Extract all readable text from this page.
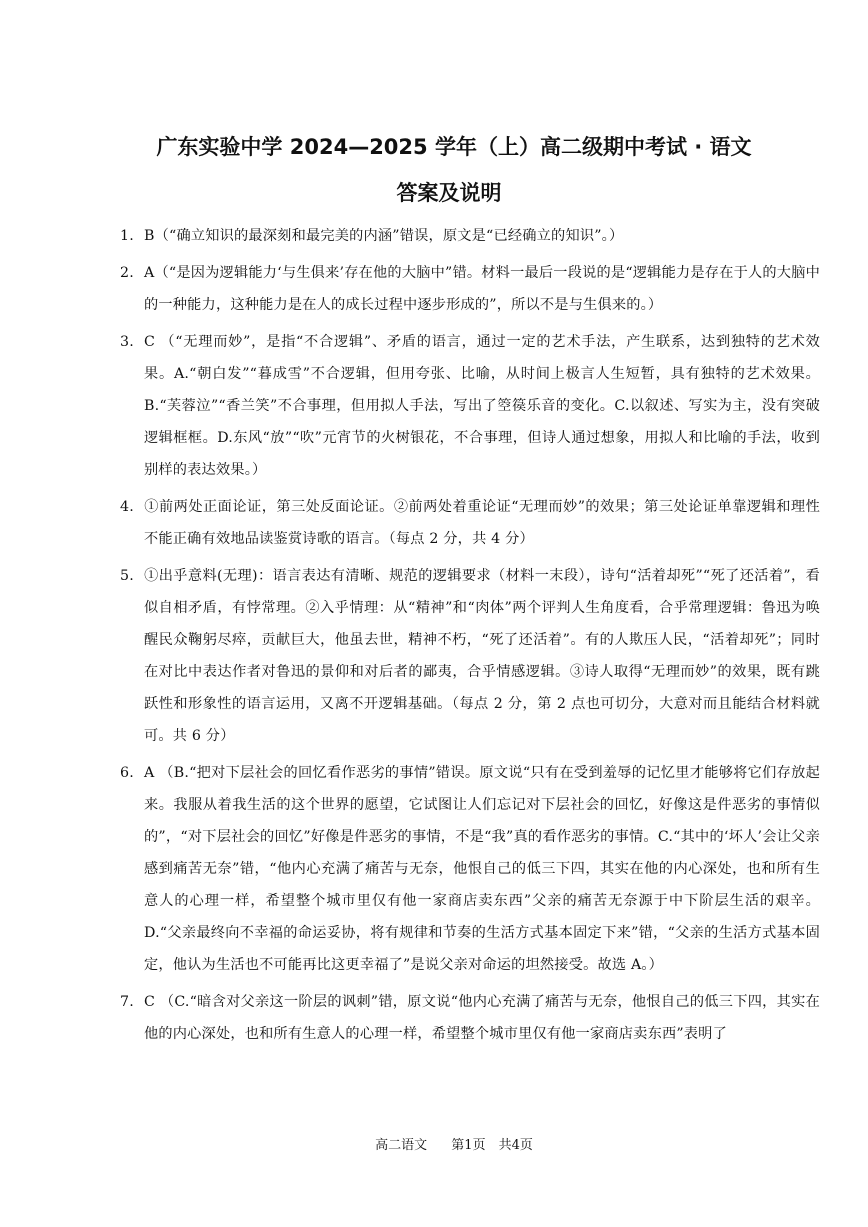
广东实验中学 2024—2025 学年（上）高二级期中考试 · 语文
答案及说明

1. B（“确立知识的最深刻和最完美的内涵”错误，原文是“已经确立的知识”。）

2. A（“是因为逻辑能力‘与生俱来’存在他的大脑中”错。材料一最后一段说的是“逻辑能力是存在于人的大脑中的一种能力，这种能力是在人的成长过程中逐步形成的”，所以不是与生俱来的。）

3. C （“无理而妙”，是指“不合逻辑”、矛盾的语言，通过一定的艺术手法，产生联系，达到独特的艺术效果。A.“朝白发”“暮成雪”不合逻辑，但用夸张、比喻，从时间上极言人生短暂，具有独特的艺术效果。B.“芙蓉泣”“香兰笑”不合事理，但用拟人手法，写出了箜篌乐音的变化。C.以叙述、写实为主，没有突破逻辑框框。D.东风“放”“吹”元宵节的火树银花，不合事理，但诗人通过想象，用拟人和比喻的手法，收到别样的表达效果。）

4. ①前两处正面论证，第三处反面论证。②前两处着重论证“无理而妙”的效果；第三处论证单靠逻辑和理性不能正确有效地品读鉴赏诗歌的语言。（每点 2 分，共 4 分）

5. ①出乎意料(无理)：语言表达有清晰、规范的逻辑要求（材料一末段），诗句“活着却死”“死了还活着”，看似自相矛盾，有悖常理。②入乎情理：从“精神”和“肉体”两个评判人生角度看，合乎常理逻辑：鲁迅为唤醒民众鞠躬尽瘁，贡献巨大，他虽去世，精神不朽，“死了还活着”。有的人欺压人民，“活着却死”；同时在对比中表达作者对鲁迅的景仰和对后者的鄙夷，合乎情感逻辑。③诗人取得“无理而妙”的效果，既有跳跃性和形象性的语言运用，又离不开逻辑基础。（每点 2 分，第 2 点也可切分，大意对而且能结合材料就可。共 6 分）

6. A （B.“把对下层社会的回忆看作恶劣的事情”错误。原文说“只有在受到羞辱的记忆里才能够将它们存放起来。我服从着我生活的这个世界的愿望，它试图让人们忘记对下层社会的回忆，好像这是件恶劣的事情似的”，“对下层社会的回忆”好像是件恶劣的事情，不是“我”真的看作恶劣的事情。C.“其中的‘坏人’会让父亲感到痛苦无奈”错，“他内心充满了痛苦与无奈，他恨自己的低三下四，其实在他的内心深处，也和所有生意人的心理一样，希望整个城市里仅有他一家商店卖东西”父亲的痛苦无奈源于中下阶层生活的艰辛。D.“父亲最终向不幸福的命运妥协，将有规律和节奏的生活方式基本固定下来”错，“父亲的生活方式基本固定，他认为生活也不可能再比这更幸福了”是说父亲对命运的坦然接受。故选 A。）

7. C （C.“暗含对父亲这一阶层的讽刺”错，原文说“他内心充满了痛苦与无奈，他恨自己的低三下四，其实在他的内心深处，也和所有生意人的心理一样，希望整个城市里仅有他一家商店卖东西”表明了

高二语文 第1页　共4页
